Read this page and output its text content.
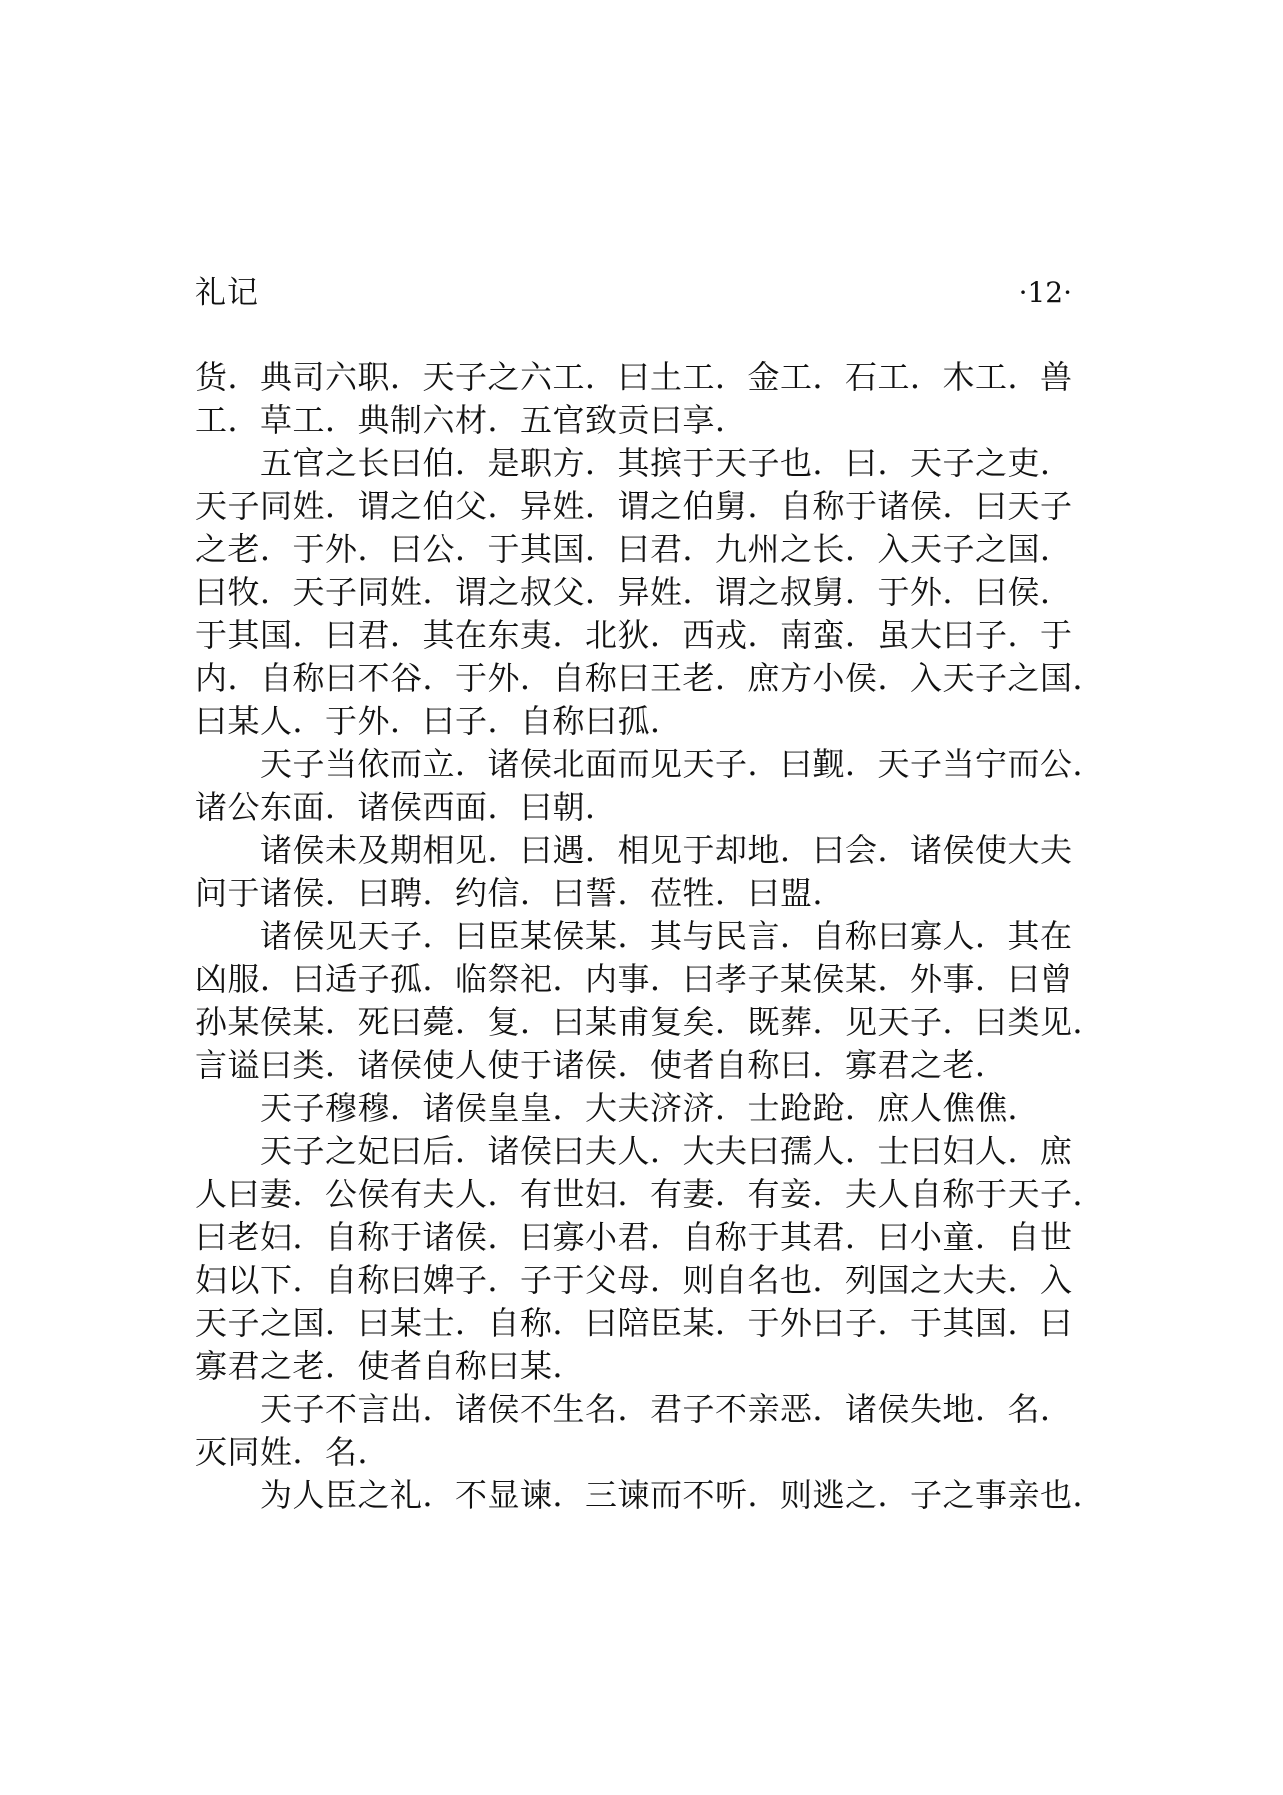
礼记	·12·
货．典司六职．天子之六工．曰土工．金工．石工．木工．兽
工．草工．典制六材．五官致贡曰享．
五官之长曰伯．是职方．其摈于天子也．曰．天子之吏．
天子同姓．谓之伯父．异姓．谓之伯舅．自称于诸侯．曰天子
之老．于外．曰公．于其国．曰君．九州之长．入天子之国．
曰牧．天子同姓．谓之叔父．异姓．谓之叔舅．于外．曰侯．
于其国．曰君．其在东夷．北狄．西戎．南蛮．虽大曰子．于
内．自称曰不谷．于外．自称曰王老．庶方小侯．入天子之国．
曰某人．于外．曰子．自称曰孤．
天子当依而立．诸侯北面而见天子．曰觐．天子当宁而公．
诸公东面．诸侯西面．曰朝．
诸侯未及期相见．曰遇．相见于却地．曰会．诸侯使大夫
问于诸侯．曰聘．约信．曰誓．莅牲．曰盟．
诸侯见天子．曰臣某侯某．其与民言．自称曰寡人．其在
凶服．曰适子孤．临祭祀．内事．曰孝子某侯某．外事．曰曾
孙某侯某．死曰薨．复．曰某甫复矣．既葬．见天子．曰类见．
言谥曰类．诸侯使人使于诸侯．使者自称曰．寡君之老．
天子穆穆．诸侯皇皇．大夫济济．士跄跄．庶人僬僬．
天子之妃曰后．诸侯曰夫人．大夫曰孺人．士曰妇人．庶
人曰妻．公侯有夫人．有世妇．有妻．有妾．夫人自称于天子．
曰老妇．自称于诸侯．曰寡小君．自称于其君．曰小童．自世
妇以下．自称曰婢子．子于父母．则自名也．列国之大夫．入
天子之国．曰某士．自称．曰陪臣某．于外曰子．于其国．曰
寡君之老．使者自称曰某．
天子不言出．诸侯不生名．君子不亲恶．诸侯失地．名．
灭同姓．名．
为人臣之礼．不显谏．三谏而不听．则逃之．子之事亲也．
